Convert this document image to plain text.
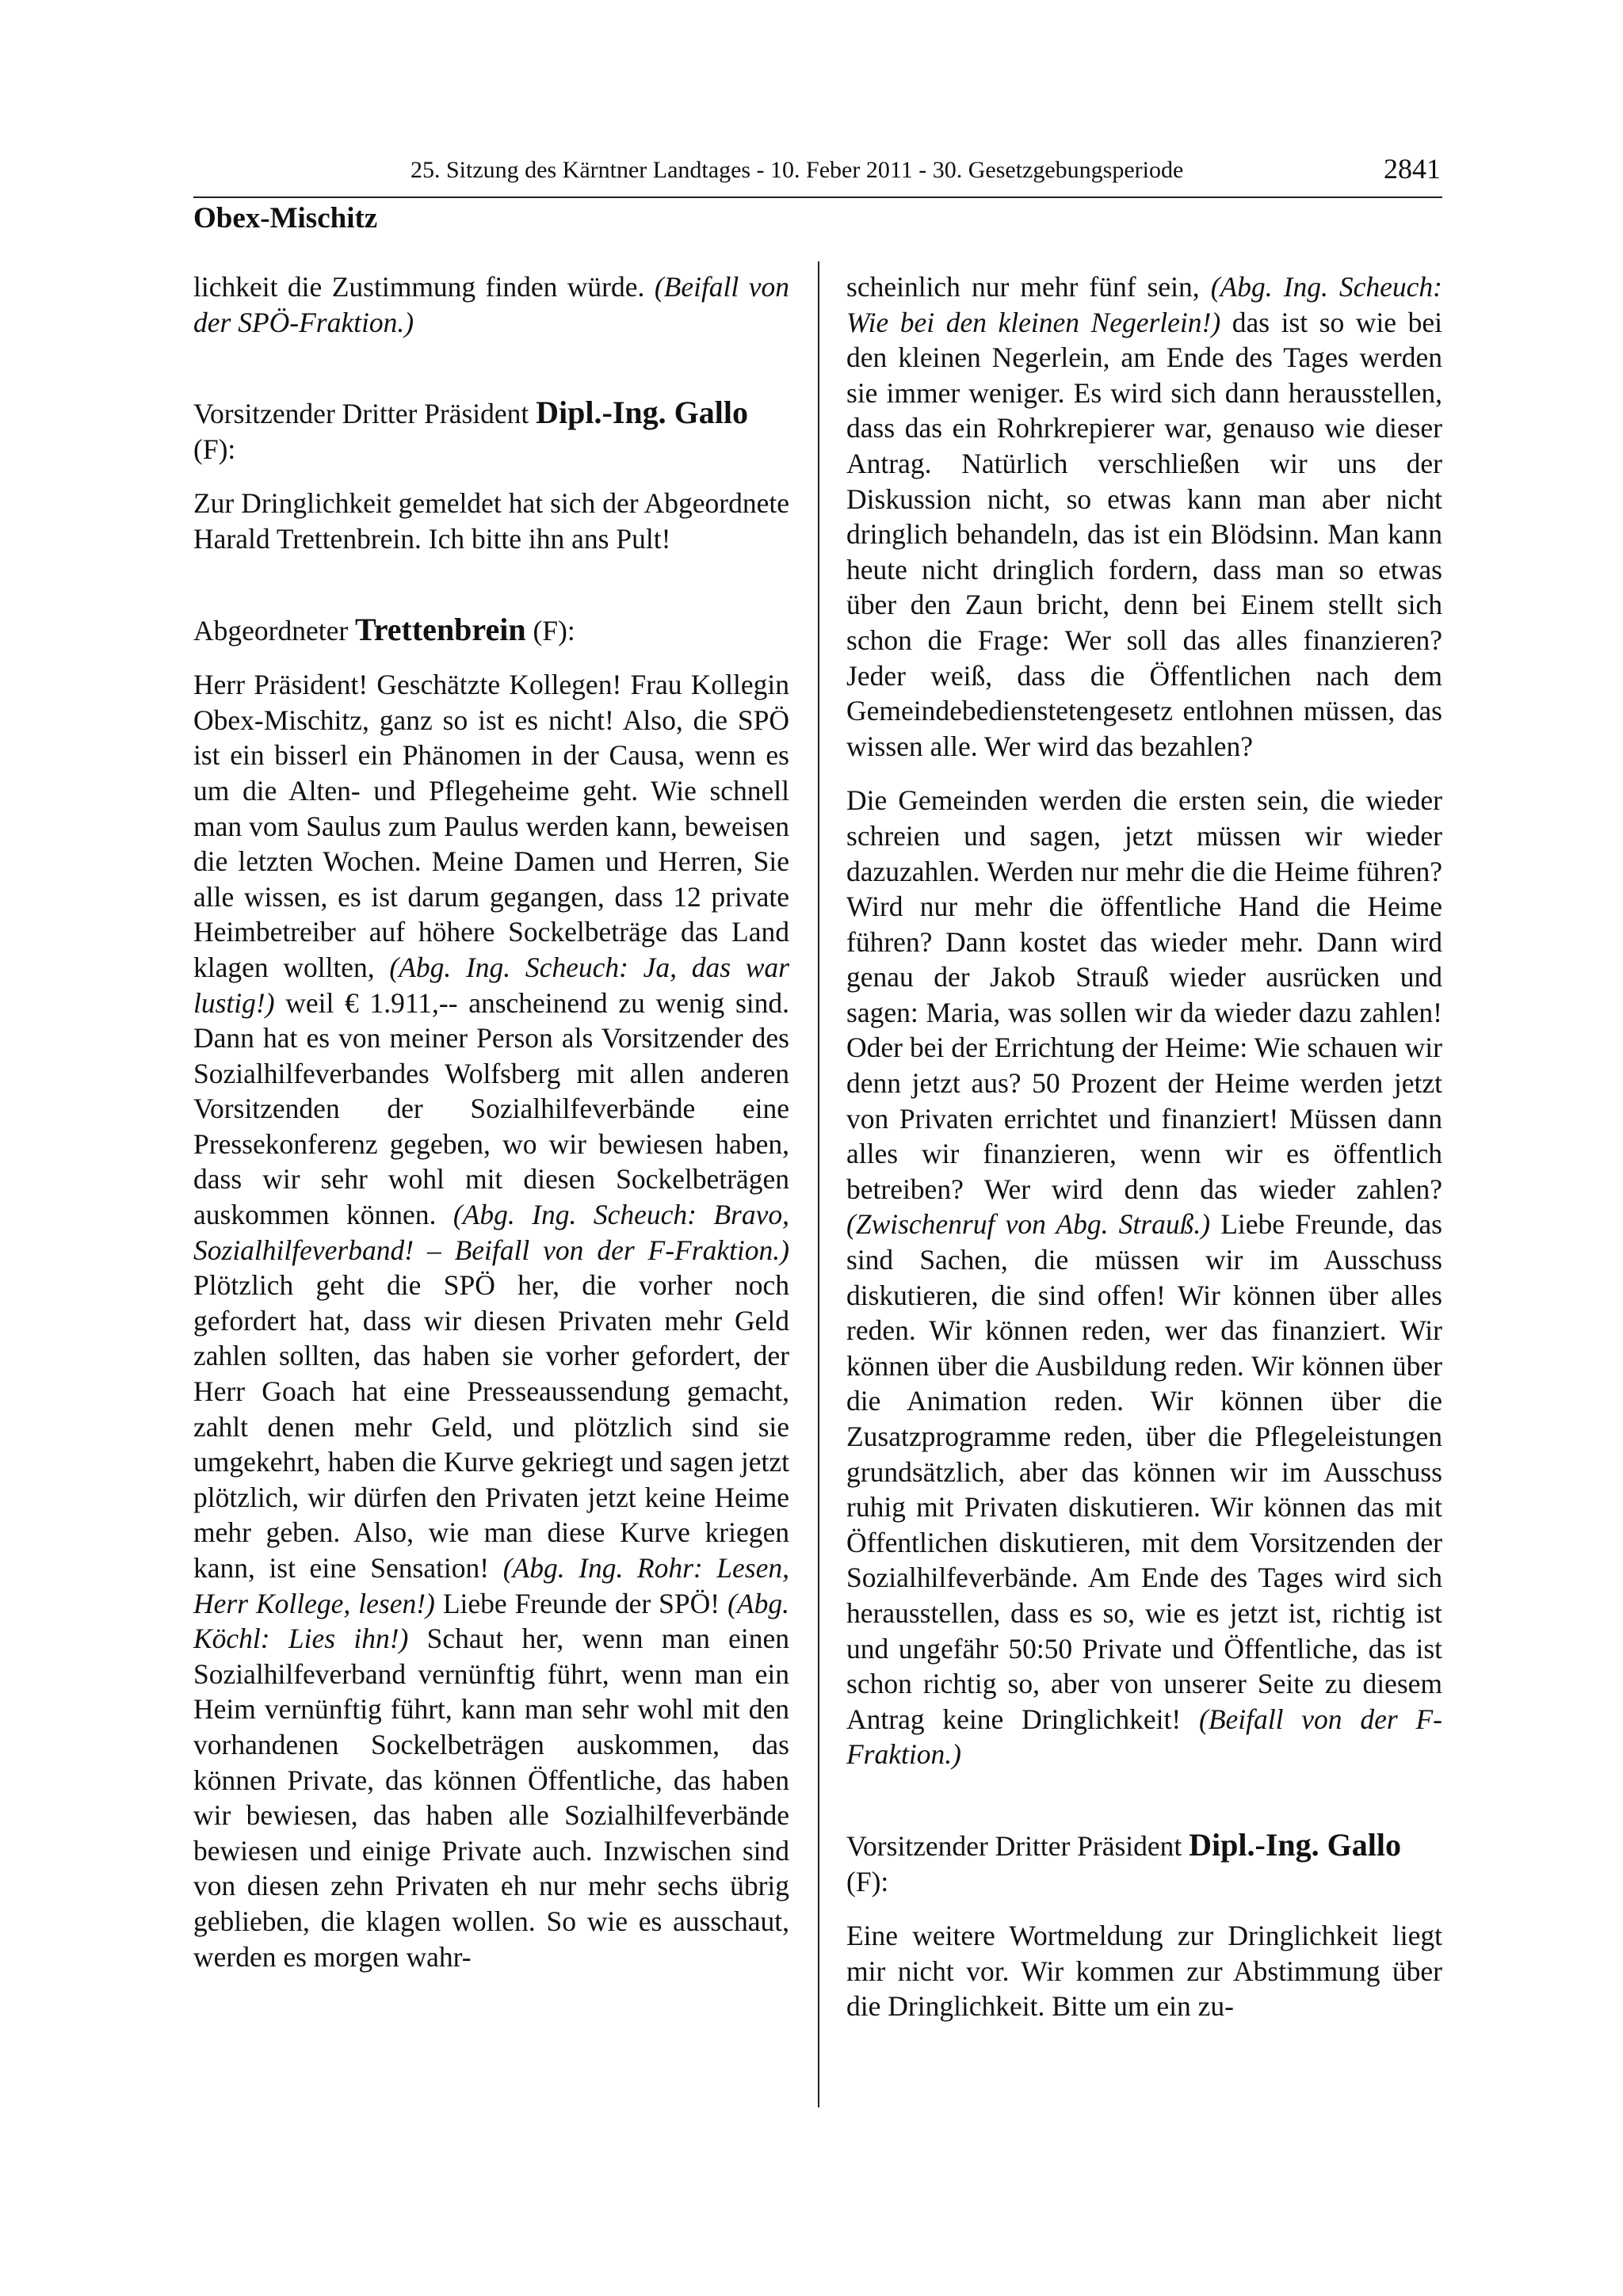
25. Sitzung des Kärntner Landtages - 10. Feber 2011 - 30. Gesetzgebungsperiode	2841
Obex-Mischitz

lichkeit die Zustimmung finden würde. (Beifall von der SPÖ-Fraktion.)

Vorsitzender Dritter Präsident Dipl.-Ing. Gallo (F):

Zur Dringlichkeit gemeldet hat sich der Abgeordnete Harald Trettenbrein. Ich bitte ihn ans Pult!

Abgeordneter Trettenbrein (F):

Herr Präsident! Geschätzte Kollegen! Frau Kollegin Obex-Mischitz, ganz so ist es nicht! Also, die SPÖ ist ein bisserl ein Phänomen in der Causa, wenn es um die Alten- und Pflegeheime geht. Wie schnell man vom Saulus zum Paulus werden kann, beweisen die letzten Wochen. Meine Damen und Herren, Sie alle wissen, es ist darum gegangen, dass 12 private Heimbetreiber auf höhere Sockelbeträge das Land klagen wollten, (Abg. Ing. Scheuch: Ja, das war lustig!) weil € 1.911,-- anscheinend zu wenig sind. Dann hat es von meiner Person als Vorsitzender des Sozialhilfeverbandes Wolfsberg mit allen anderen Vorsitzenden der Sozialhilfeverbände eine Pressekonferenz gegeben, wo wir bewiesen haben, dass wir sehr wohl mit diesen Sockelbeträgen auskommen können. (Abg. Ing. Scheuch: Bravo, Sozialhilfeverband! – Beifall von der F-Fraktion.) Plötzlich geht die SPÖ her, die vorher noch gefordert hat, dass wir diesen Privaten mehr Geld zahlen sollten, das haben sie vorher gefordert, der Herr Goach hat eine Presseaussendung gemacht, zahlt denen mehr Geld, und plötzlich sind sie umgekehrt, haben die Kurve gekriegt und sagen jetzt plötzlich, wir dürfen den Privaten jetzt keine Heime mehr geben. Also, wie man diese Kurve kriegen kann, ist eine Sensation! (Abg. Ing. Rohr: Lesen, Herr Kollege, lesen!) Liebe Freunde der SPÖ! (Abg. Köchl: Lies ihn!) Schaut her, wenn man einen Sozialhilfeverband vernünftig führt, wenn man ein Heim vernünftig führt, kann man sehr wohl mit den vorhandenen Sockelbeträgen auskommen, das können Private, das können Öffentliche, das haben wir bewiesen, das haben alle Sozialhilfeverbände bewiesen und einige Private auch. Inzwischen sind von diesen zehn Privaten eh nur mehr sechs übrig geblieben, die klagen wollen. So wie es ausschaut, werden es morgen wahr-

scheinlich nur mehr fünf sein, (Abg. Ing. Scheuch: Wie bei den kleinen Negerlein!) das ist so wie bei den kleinen Negerlein, am Ende des Tages werden sie immer weniger. Es wird sich dann herausstellen, dass das ein Rohrkrepierer war, genauso wie dieser Antrag. Natürlich verschließen wir uns der Diskussion nicht, so etwas kann man aber nicht dringlich behandeln, das ist ein Blödsinn. Man kann heute nicht dringlich fordern, dass man so etwas über den Zaun bricht, denn bei Einem stellt sich schon die Frage: Wer soll das alles finanzieren? Jeder weiß, dass die Öffentlichen nach dem Gemeindebedienstetengesetz entlohnen müssen, das wissen alle. Wer wird das bezahlen?

Die Gemeinden werden die ersten sein, die wieder schreien und sagen, jetzt müssen wir wieder dazuzahlen. Werden nur mehr die die Heime führen? Wird nur mehr die öffentliche Hand die Heime führen? Dann kostet das wieder mehr. Dann wird genau der Jakob Strauß wieder ausrücken und sagen: Maria, was sollen wir da wieder dazu zahlen! Oder bei der Errichtung der Heime: Wie schauen wir denn jetzt aus? 50 Prozent der Heime werden jetzt von Privaten errichtet und finanziert! Müssen dann alles wir finanzieren, wenn wir es öffentlich betreiben? Wer wird denn das wieder zahlen? (Zwischenruf von Abg. Strauß.) Liebe Freunde, das sind Sachen, die müssen wir im Ausschuss diskutieren, die sind offen! Wir können über alles reden. Wir können reden, wer das finanziert. Wir können über die Ausbildung reden. Wir können über die Animation reden. Wir können über die Zusatzprogramme reden, über die Pflegeleistungen grundsätzlich, aber das können wir im Ausschuss ruhig mit Privaten diskutieren. Wir können das mit Öffentlichen diskutieren, mit dem Vorsitzenden der Sozialhilfeverbände. Am Ende des Tages wird sich herausstellen, dass es so, wie es jetzt ist, richtig ist und ungefähr 50:50 Private und Öffentliche, das ist schon richtig so, aber von unserer Seite zu diesem Antrag keine Dringlichkeit! (Beifall von der F-Fraktion.)

Vorsitzender Dritter Präsident Dipl.-Ing. Gallo (F):

Eine weitere Wortmeldung zur Dringlichkeit liegt mir nicht vor. Wir kommen zur Abstimmung über die Dringlichkeit. Bitte um ein zu-
